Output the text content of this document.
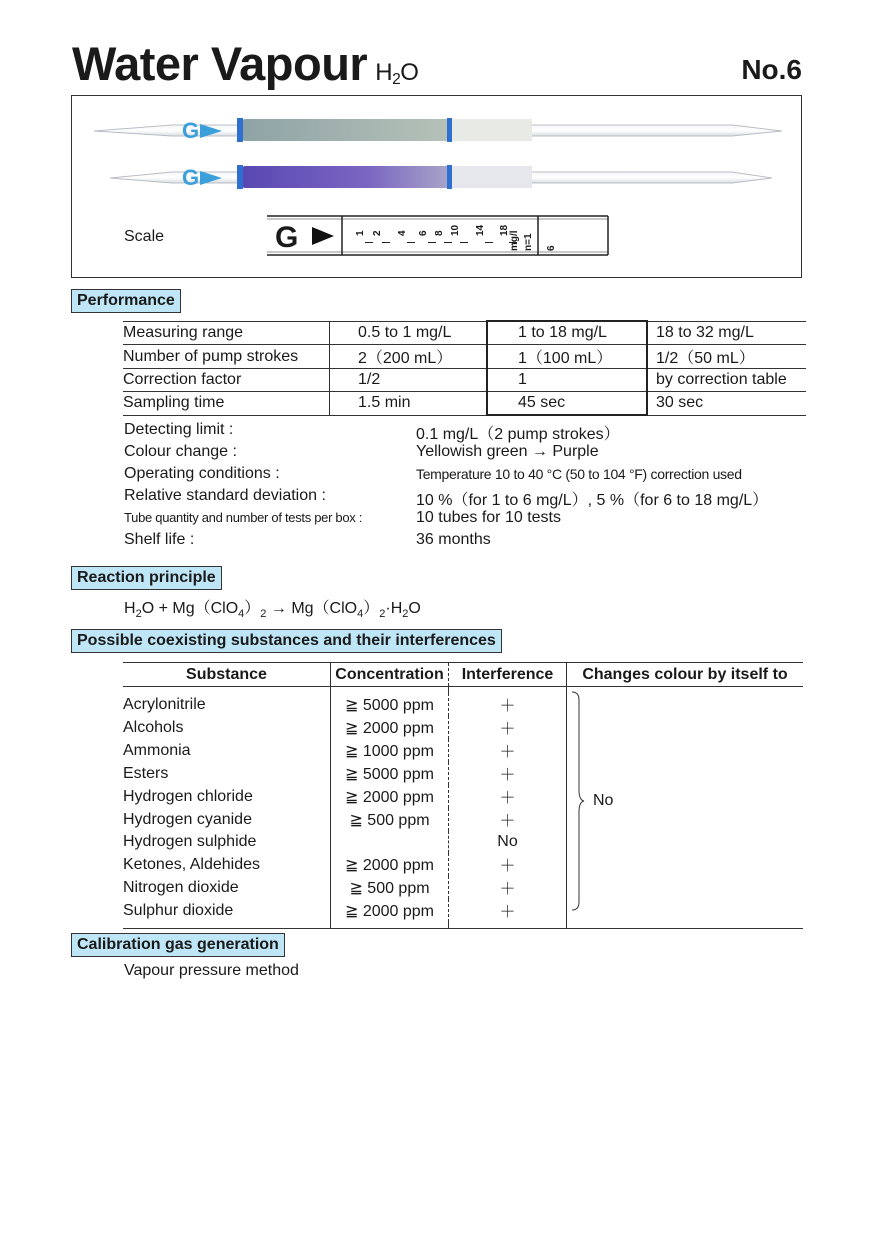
Water Vapour $H_2O$	No.6
G
G
Scale	G	1 2 4 6 8 10 14 18 mg/l n=1 6
Performance
Measuring range	0.5 to 1 mg/L	1 to 18 mg/L	18 to 32 mg/L
Number of pump strokes	2（200 mL）	1（100 mL）	1/2（50 mL）
Correction factor	1/2	1	by correction table
Sampling time	1.5 min	45 sec	30 sec
Detecting limit :	0.1 mg/L（2 pump strokes）
Colour change :	Yellowish green → Purple
Operating conditions :	Temperature 10 to 40 °C (50 to 104 °F) correction used
Relative standard deviation :	10 %（for 1 to 6 mg/L）, 5 %（for 6 to 18 mg/L）
Tube quantity and number of tests per box :	10 tubes for 10 tests
Shelf life :	36 months
Reaction principle
$H_2O + Mg(ClO_4)_2 \to Mg(ClO_4)_2\cdot H_2O$
Possible coexisting substances and their interferences
Substance	Concentration	Interference	Changes colour by itself to

Acrylonitrile	≧ 5000 ppm	＋	
Alcohols	≧ 2000 ppm	＋	
Ammonia	≧ 1000 ppm	＋	
Esters	≧ 5000 ppm	＋	
Hydrogen chloride	≧ 2000 ppm	＋	
Hydrogen cyanide	≧ 500 ppm	＋	
Hydrogen sulphide		No	
Ketones, Aldehides	≧ 2000 ppm	＋	
Nitrogen dioxide	≧ 500 ppm	＋	
Sulphur dioxide	≧ 2000 ppm	＋	

No
Calibration gas generation
Vapour pressure method
